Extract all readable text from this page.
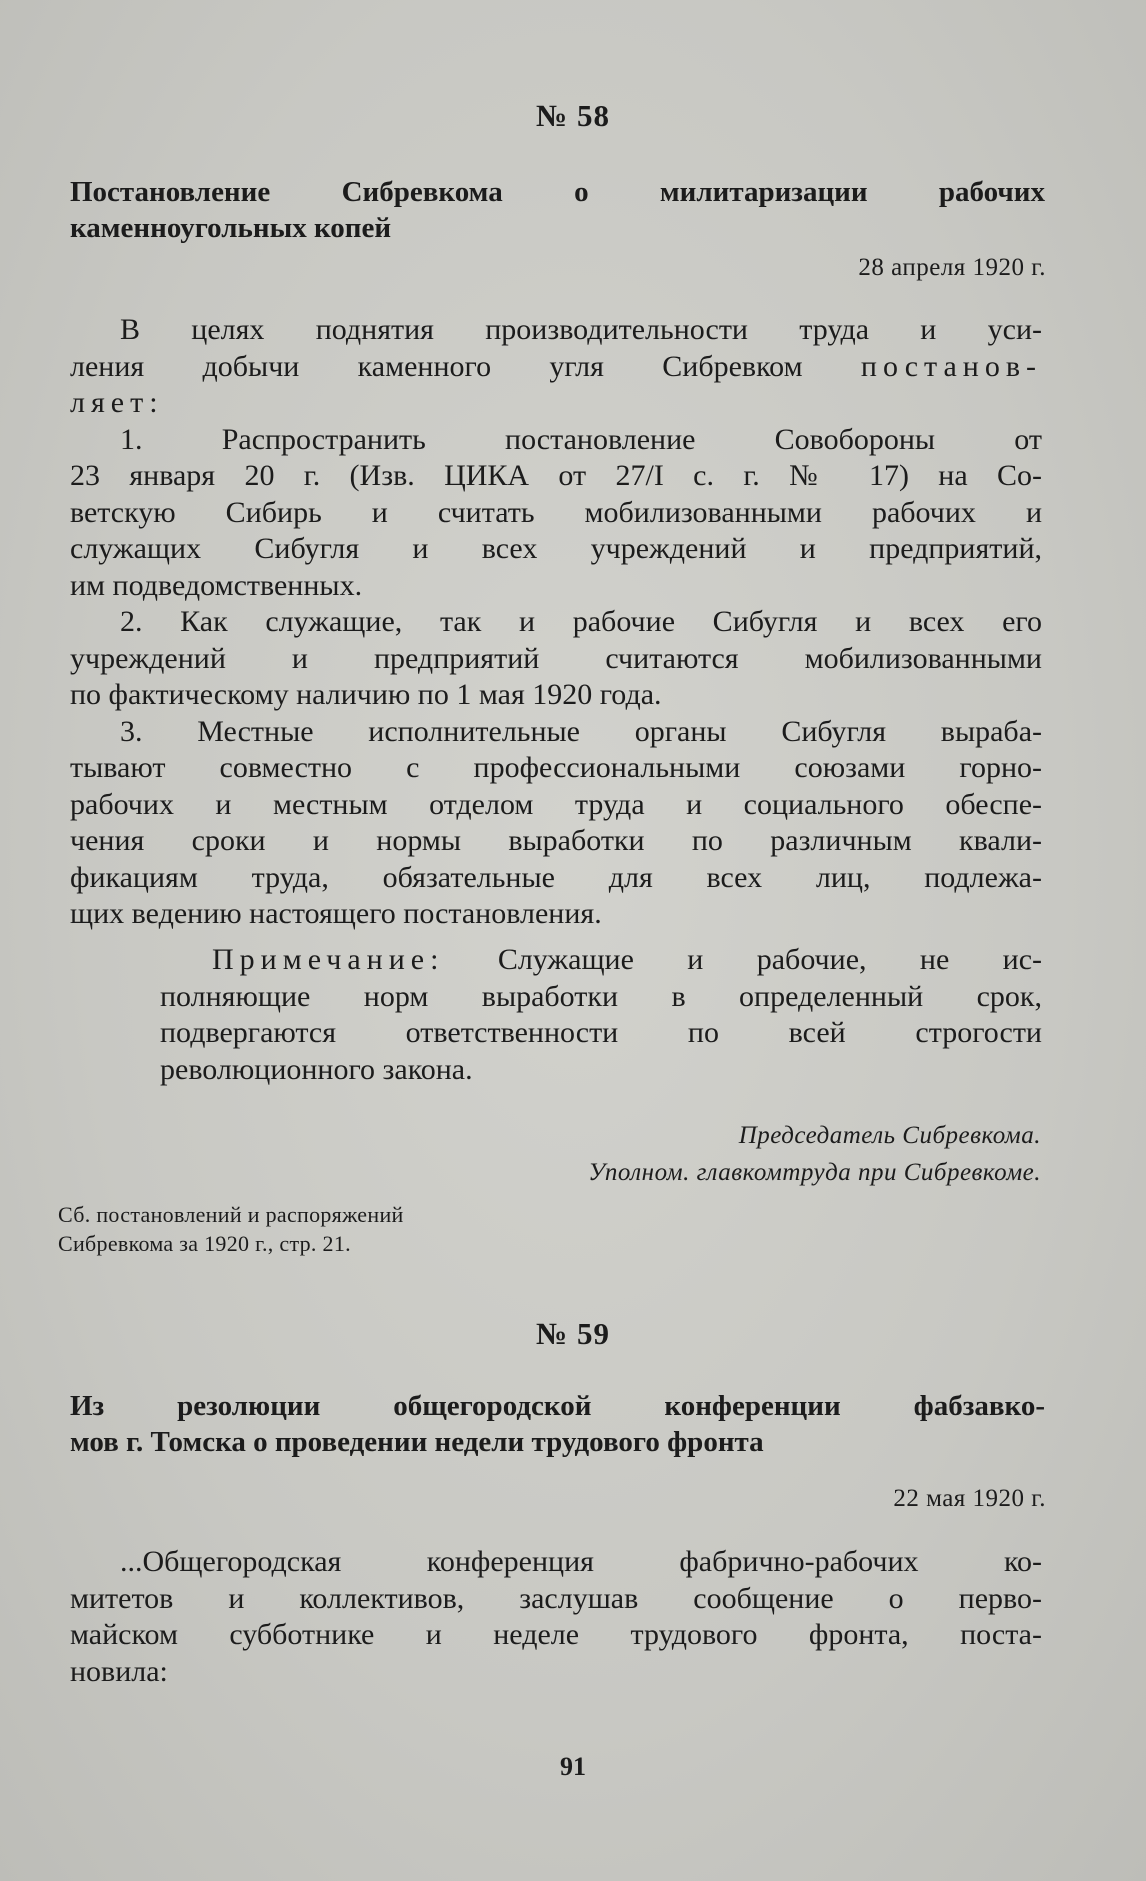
№ 58
Постановление Сибревкома о милитаризации рабочих
каменноугольных копей
28 апреля 1920 г.
В целях поднятия производительности труда и уси-
ления добычи каменного угля Сибревком постанов-
ляет:
1. Распространить постановление Совобороны от
23 января 20 г. (Изв. ЦИКА от 27/I с. г. № 17) на Со-
ветскую Сибирь и считать мобилизованными рабочих и
служащих Сибугля и всех учреждений и предприятий,
им подведомственных.
2. Как служащие, так и рабочие Сибугля и всех его
учреждений и предприятий считаются мобилизованными
по фактическому наличию по 1 мая 1920 года.
3. Местные исполнительные органы Сибугля выраба-
тывают совместно с профессиональными союзами горно-
рабочих и местным отделом труда и социального обеспе-
чения сроки и нормы выработки по различным квали-
фикациям труда, обязательные для всех лиц, подлежа-
щих ведению настоящего постановления.
Примечание: Служащие и рабочие, не ис-
полняющие норм выработки в определенный срок,
подвергаются ответственности по всей строгости
революционного закона.
Председатель Сибревкома.
Уполном. главкомтруда при Сибревкоме.
Сб. постановлений и распоряжений
Сибревкома за 1920 г., стр. 21.
№ 59
Из резолюции общегородской конференции фабзавко-
мов г. Томска о проведении недели трудового фронта
22 мая 1920 г.
...Общегородская конференция фабрично-рабочих ко-
митетов и коллективов, заслушав сообщение о перво-
майском субботнике и неделе трудового фронта, поста-
новила:
91
